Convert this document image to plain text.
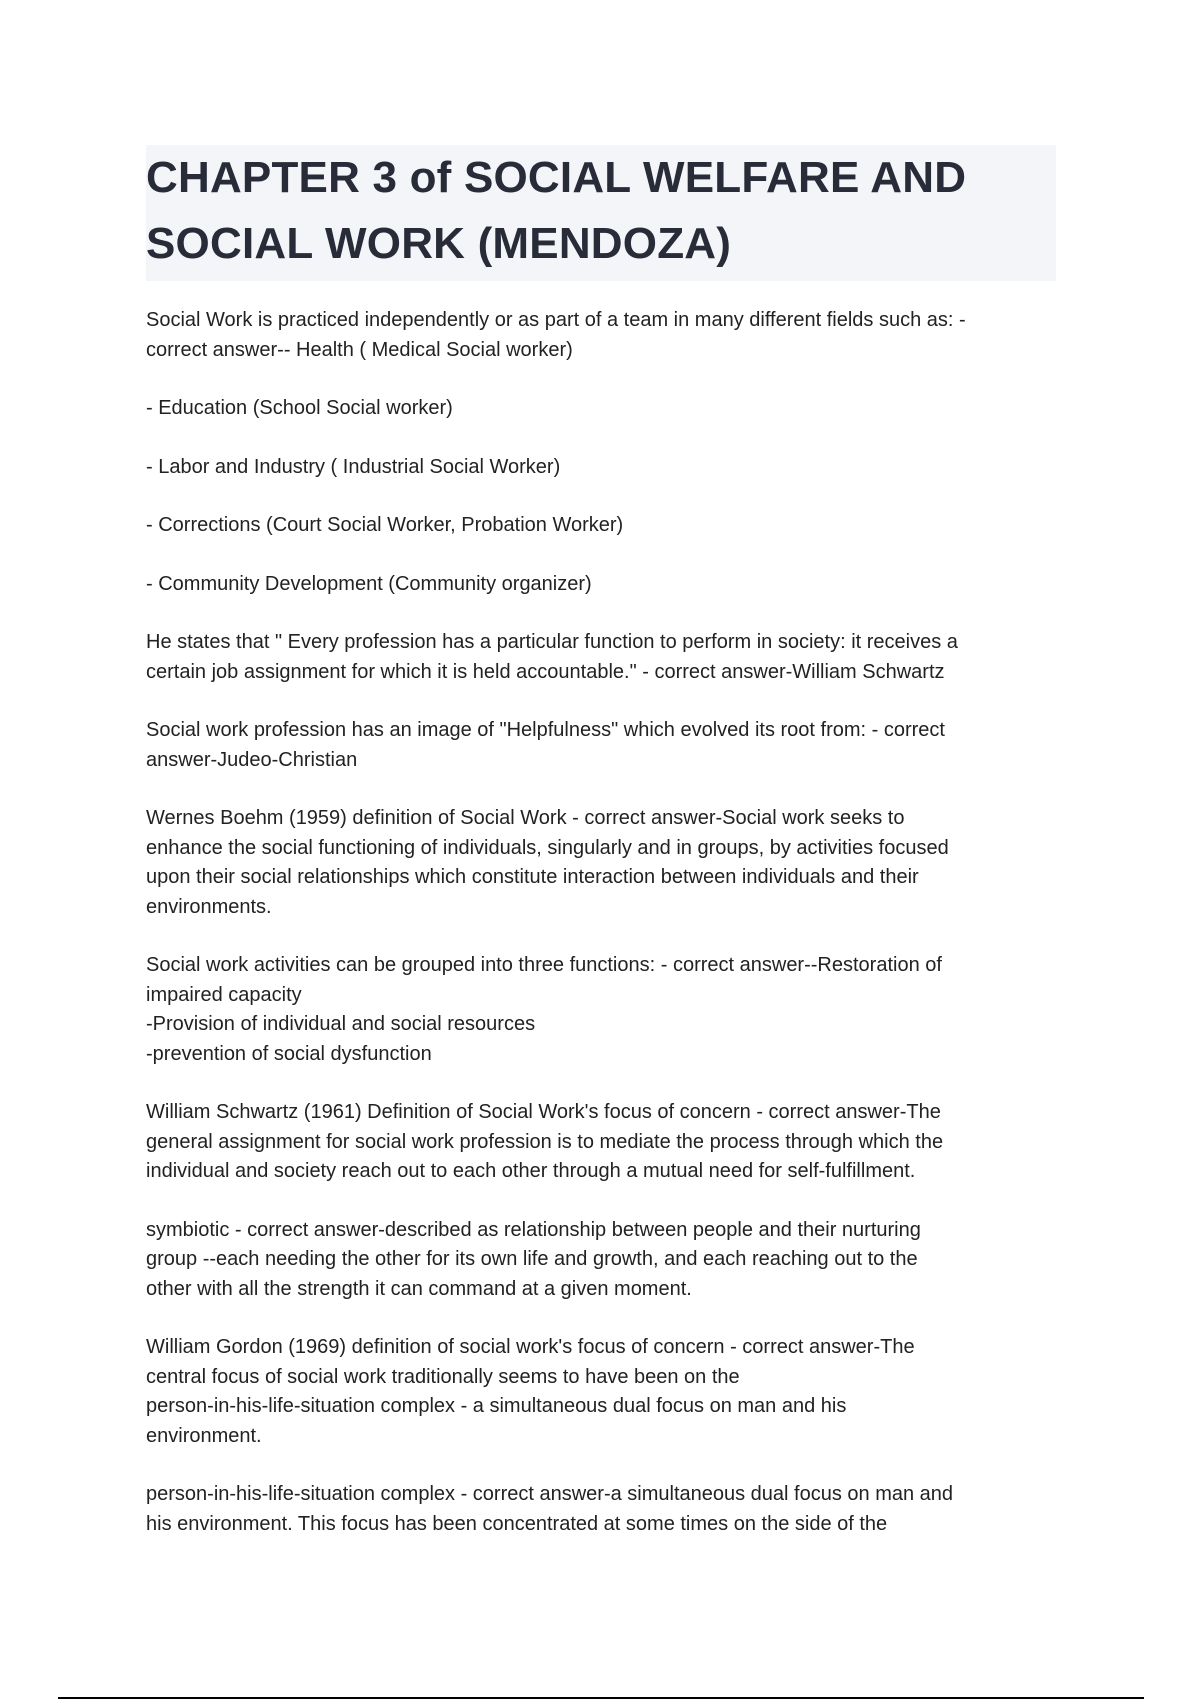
CHAPTER 3 of SOCIAL WELFARE AND
SOCIAL WORK (MENDOZA)

Social Work is practiced independently or as part of a team in many different fields such as: -
correct answer-- Health ( Medical Social worker)

- Education (School Social worker)

- Labor and Industry ( Industrial Social Worker)

- Corrections (Court Social Worker, Probation Worker)

- Community Development (Community organizer)

He states that " Every profession has a particular function to perform in society: it receives a
certain job assignment for which it is held accountable." - correct answer-William Schwartz

Social work profession has an image of "Helpfulness" which evolved its root from: - correct
answer-Judeo-Christian

Wernes Boehm (1959) definition of Social Work - correct answer-Social work seeks to
enhance the social functioning of individuals, singularly and in groups, by activities focused
upon their social relationships which constitute interaction between individuals and their
environments.

Social work activities can be grouped into three functions: - correct answer--Restoration of
impaired capacity
-Provision of individual and social resources
-prevention of social dysfunction

William Schwartz (1961) Definition of Social Work's focus of concern - correct answer-The
general assignment for social work profession is to mediate the process through which the
individual and society reach out to each other through a mutual need for self-fulfillment.

symbiotic - correct answer-described as relationship between people and their nurturing
group --each needing the other for its own life and growth, and each reaching out to the
other with all the strength it can command at a given moment.

William Gordon (1969) definition of social work's focus of concern - correct answer-The
central focus of social work traditionally seems to have been on the
person-in-his-life-situation complex - a simultaneous dual focus on man and his
environment.

person-in-his-life-situation complex - correct answer-a simultaneous dual focus on man and
his environment. This focus has been concentrated at some times on the side of the
